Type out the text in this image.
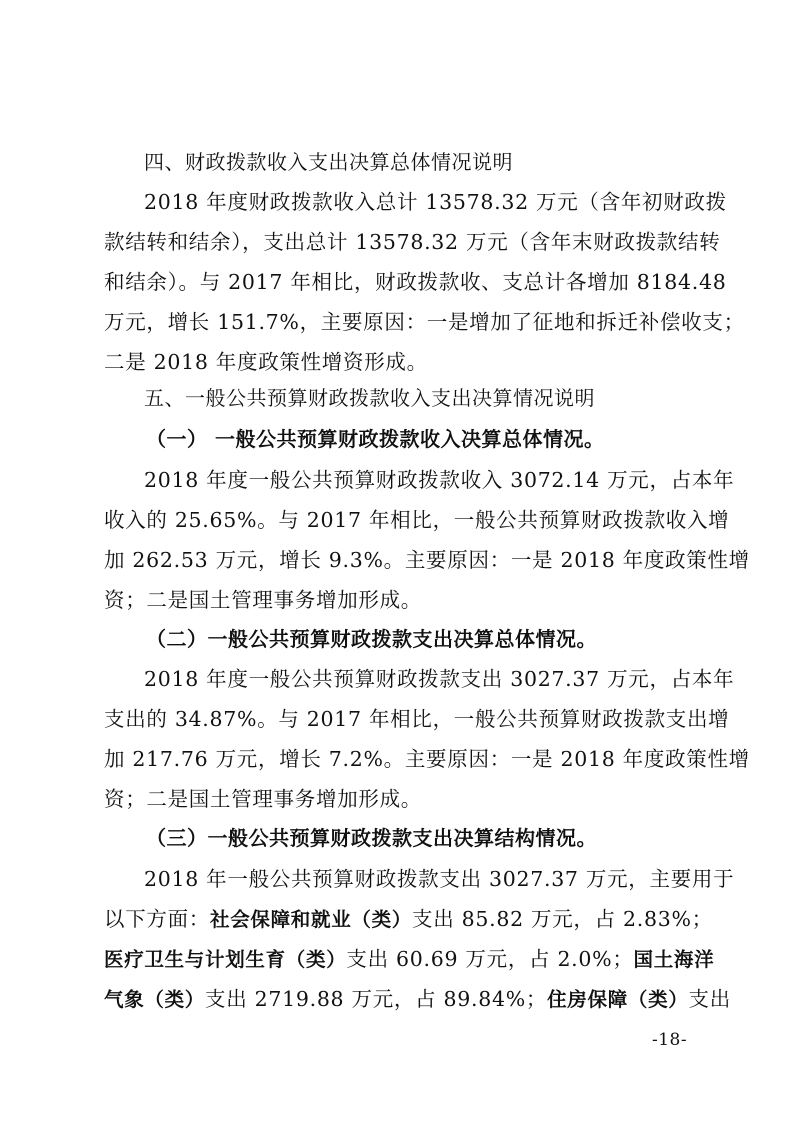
四、财政拨款收入支出决算总体情况说明
2018 年度财政拨款收入总计 13578.32 万元（含年初财政拨
款结转和结余），支出总计 13578.32 万元（含年末财政拨款结转
和结余）。与 2017 年相比，财政拨款收、支总计各增加 8184.48
万元，增长 151.7%，主要原因：一是增加了征地和拆迁补偿收支；
二是 2018 年度政策性增资形成。
五、一般公共预算财政拨款收入支出决算情况说明
（一） 一般公共预算财政拨款收入决算总体情况。
2018 年度一般公共预算财政拨款收入 3072.14 万元，占本年
收入的 25.65%。与 2017 年相比，一般公共预算财政拨款收入增
加 262.53 万元，增长 9.3%。主要原因：一是 2018 年度政策性增
资；二是国土管理事务增加形成。
（二）一般公共预算财政拨款支出决算总体情况。
2018 年度一般公共预算财政拨款支出 3027.37 万元，占本年
支出的 34.87%。与 2017 年相比，一般公共预算财政拨款支出增
加 217.76 万元，增长 7.2%。主要原因：一是 2018 年度政策性增
资；二是国土管理事务增加形成。
（三）一般公共预算财政拨款支出决算结构情况。
2018 年一般公共预算财政拨款支出 3027.37 万元，主要用于
以下方面：社会保障和就业（类）支出 85.82 万元，占 2.83%；
医疗卫生与计划生育（类）支出 60.69 万元，占 2.0%；国土海洋
气象（类）支出 2719.88 万元，占 89.84%；住房保障（类）支出
-18-
